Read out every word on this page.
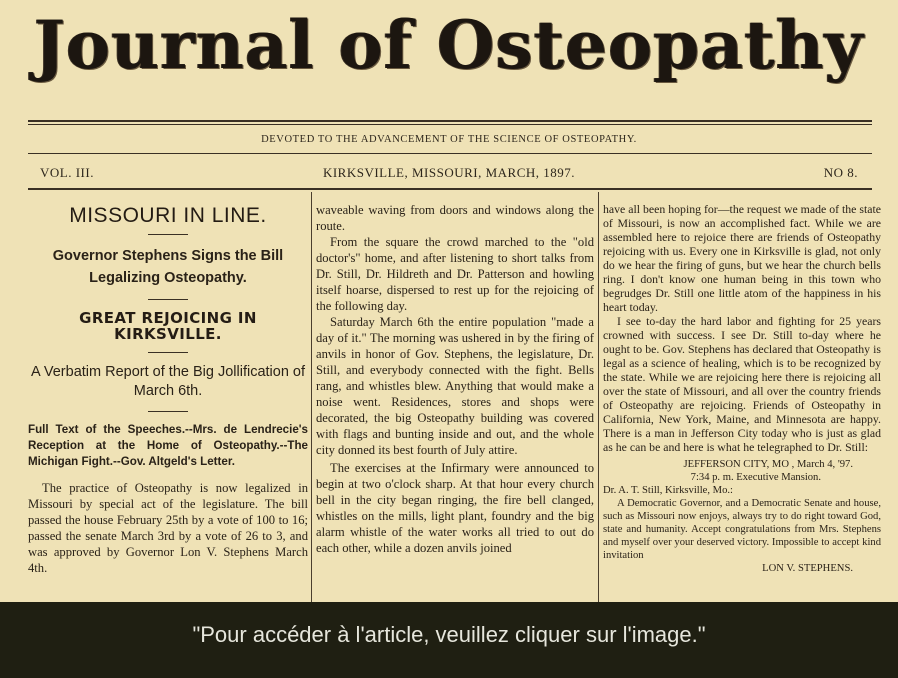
Journal of Osteopathy
DEVOTED TO THE ADVANCEMENT OF THE SCIENCE OF OSTEOPATHY.
VOL. III.	KIRKSVILLE, MISSOURI, MARCH, 1897.	NO 8.
MISSOURI IN LINE.
Governor Stephens Signs the Bill Legalizing Osteopathy.
GREAT REJOICING IN KIRKSVILLE.
A Verbatim Report of the Big Jollification of March 6th.
Full Text of the Speeches.--Mrs. de Lendrecie's Reception at the Home of Osteopathy.--The Michigan Fight.--Gov. Altgeld's Letter.

The practice of Osteopathy is now legalized in Missouri by special act of the legislature. The bill passed the house February 25th by a vote of 100 to 16; passed the senate March 3rd by a vote of 26 to 3, and was approved by Governor Lon V. Stephens March 4th.

waveable waving from doors and windows along the route.

From the square the crowd marched to the "old doctor's" home, and after listening to short talks from Dr. Still, Dr. Hildreth and Dr. Patterson and howling itself hoarse, dispersed to rest up for the rejoicing of the following day.

Saturday March 6th the entire population "made a day of it." The morning was ushered in by the firing of anvils in honor of Gov. Stephens, the legislature, Dr. Still, and everybody connected with the fight. Bells rang, and whistles blew. Anything that would make a noise went. Residences, stores and shops were decorated, the big Osteopathy building was covered with flags and bunting inside and out, and the whole city donned its best fourth of July attire.

The exercises at the Infirmary were announced to begin at two o'clock sharp. At that hour every church bell in the city began ringing, the fire bell clanged, whistles on the mills, light plant, foundry and the big alarm whistle of the water works all tried to out do each other, while a dozen anvils joined

have all been hoping for—the request we made of the state of Missouri, is now an accomplished fact. While we are assembled here to rejoice there are friends of Osteopathy rejoicing with us. Every one in Kirksville is glad, not only do we hear the firing of guns, but we hear the church bells ring. I don't know one human being in this town who begrudges Dr. Still one little atom of the happiness in his heart today.

I see to-day the hard labor and fighting for 25 years crowned with success. I see Dr. Still to-day where he ought to be. Gov. Stephens has declared that Osteopathy is legal as a science of healing, which is to be recognized by the state. While we are rejoicing here there is rejoicing all over the state of Missouri, and all over the country friends of Osteopathy are rejoicing. Friends of Osteopathy in California, New York, Maine, and Minnesota are happy. There is a man in Jefferson City today who is just as glad as he can be and here is what he telegraphed to Dr. Still:

JEFFERSON CITY, MO , March 4, '97.
7:34 p. m. Executive Mansion.
Dr. A. T. Still, Kirksville, Mo.:

A Democratic Governor, and a Democratic Senate and house, such as Missouri now enjoys, always try to do right toward God, state and humanity. Accept congratulations from Mrs. Stephens and myself over your deserved victory. Impossible to accept kind invitation

LON V. STEPHENS.
"Pour accéder à l'article, veuillez cliquer sur l'image."
